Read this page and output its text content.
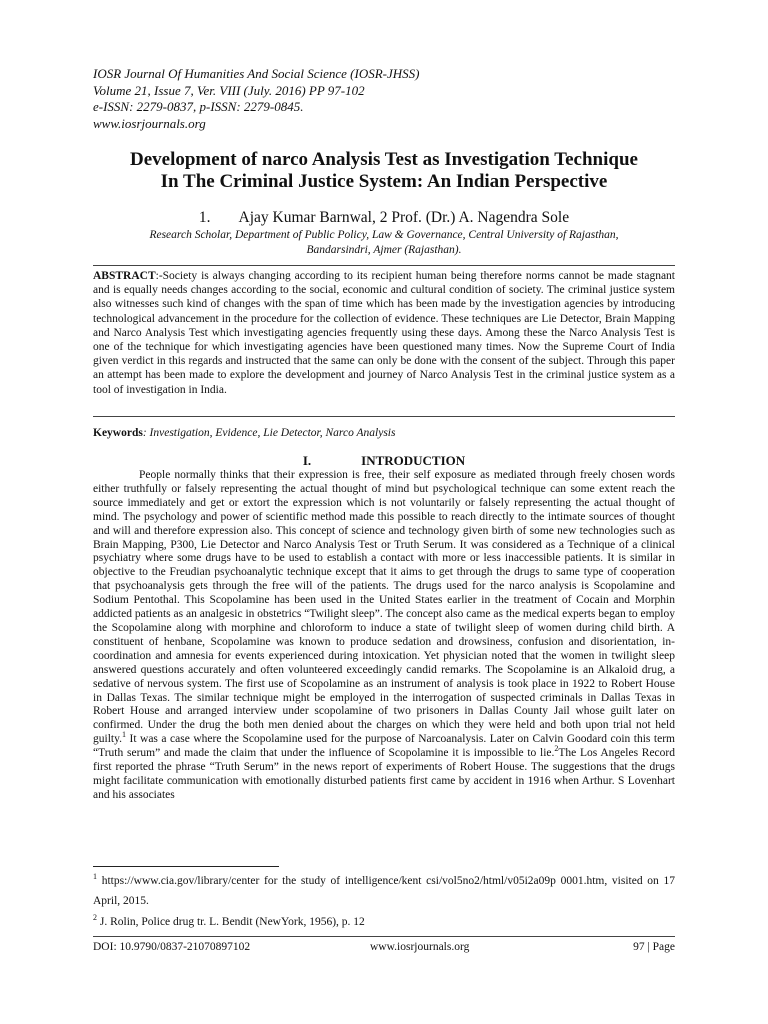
IOSR Journal Of Humanities And Social Science (IOSR-JHSS)
Volume 21, Issue 7, Ver. VIII (July. 2016) PP 97-102
e-ISSN: 2279-0837, p-ISSN: 2279-0845.
www.iosrjournals.org
Development of narco Analysis Test as Investigation Technique
In The Criminal Justice System: An Indian Perspective
1. Ajay Kumar Barnwal, 2 Prof. (Dr.) A. Nagendra Sole
Research Scholar, Department of Public Policy, Law & Governance, Central University of Rajasthan,
Bandarsindri, Ajmer (Rajasthan).
ABSTRACT:-Society is always changing according to its recipient human being therefore norms cannot be made stagnant and is equally needs changes according to the social, economic and cultural condition of society. The criminal justice system also witnesses such kind of changes with the span of time which has been made by the investigation agencies by introducing technological advancement in the procedure for the collection of evidence. These techniques are Lie Detector, Brain Mapping and Narco Analysis Test which investigating agencies frequently using these days. Among these the Narco Analysis Test is one of the technique for which investigating agencies have been questioned many times. Now the Supreme Court of India given verdict in this regards and instructed that the same can only be done with the consent of the subject. Through this paper an attempt has been made to explore the development and journey of Narco Analysis Test in the criminal justice system as a tool of investigation in India.
Keywords: Investigation, Evidence, Lie Detector, Narco Analysis
I.	INTRODUCTION
People normally thinks that their expression is free, their self exposure as mediated through freely chosen words either truthfully or falsely representing the actual thought of mind but psychological technique can some extent reach the source immediately and get or extort the expression which is not voluntarily or falsely representing the actual thought of mind. The psychology and power of scientific method made this possible to reach directly to the intimate sources of thought and will and therefore expression also. This concept of science and technology given birth of some new technologies such as Brain Mapping, P300, Lie Detector and Narco Analysis Test or Truth Serum. It was considered as a Technique of a clinical psychiatry where some drugs have to be used to establish a contact with more or less inaccessible patients. It is similar in objective to the Freudian psychoanalytic technique except that it aims to get through the drugs to same type of cooperation that psychoanalysis gets through the free will of the patients. The drugs used for the narco analysis is Scopolamine and Sodium Pentothal. This Scopolamine has been used in the United States earlier in the treatment of Cocain and Morphin addicted patients as an analgesic in obstetrics “Twilight sleep”. The concept also came as the medical experts began to employ the Scopolamine along with morphine and chloroform to induce a state of twilight sleep of women during child birth. A constituent of henbane, Scopolamine was known to produce sedation and drowsiness, confusion and disorientation, in-coordination and amnesia for events experienced during intoxication. Yet physician noted that the women in twilight sleep answered questions accurately and often volunteered exceedingly candid remarks. The Scopolamine is an Alkaloid drug, a sedative of nervous system. The first use of Scopolamine as an instrument of analysis is took place in 1922 to Robert House in Dallas Texas. The similar technique might be employed in the interrogation of suspected criminals in Dallas Texas in Robert House and arranged interview under scopolamine of two prisoners in Dallas County Jail whose guilt later on confirmed. Under the drug the both men denied about the charges on which they were held and both upon trial not held guilty.$^1$ It was a case where the Scopolamine used for the purpose of Narcoanalysis. Later on Calvin Goodard coin this term “Truth serum” and made the claim that under the influence of Scopolamine it is impossible to lie.$^2$The Los Angeles Record first reported the phrase “Truth Serum” in the news report of experiments of Robert House. The suggestions that the drugs might facilitate communication with emotionally disturbed patients first came by accident in 1916 when Arthur. S Lovenhart and his associates
$^1$ https://www.cia.gov/library/center for the study of intelligence/kent csi/vol5no2/html/v05i2a09p 0001.htm, visited on 17 April, 2015.
$^2$ J. Rolin, Police drug tr. L. Bendit (NewYork, 1956), p. 12
DOI: 10.9790/0837-21070897102	www.iosrjournals.org	97 | Page
